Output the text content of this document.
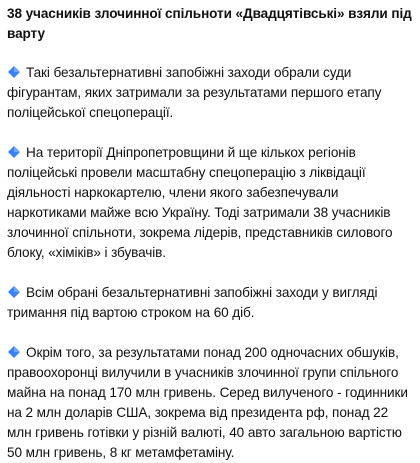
38 учасників злочинної спільноти «Двадцятівські» взяли під варту
Такі безальтернативні запобіжні заходи обрали суди фігурантам, яких затримали за результатами першого етапу поліцейської спецоперації.
На території Дніпропетровщини й ще кількох регіонів поліцейські провели масштабну спецоперацію з ліквідації діяльності наркокартелю, члени якого забезпечували наркотиками майже всю Україну. Тоді затримали 38 учасників злочинної спільноти, зокрема лідерів, представників силового блоку, «хіміків» і збувачів.
Всім обрані безальтернативні запобіжні заходи у вигляді тримання під вартою строком на 60 діб.
Окрім того, за результатами понад 200 одночасних обшуків, правоохоронці вилучили в учасників злочинної групи спільного майна на понад 170 млн гривень. Серед вилученого - годинники на 2 млн доларів США, зокрема від президента рф, понад 22 млн гривень готівки у різній валюті, 40 авто загальною вартістю 50 млн гривень, 8 кг метамфетаміну.
